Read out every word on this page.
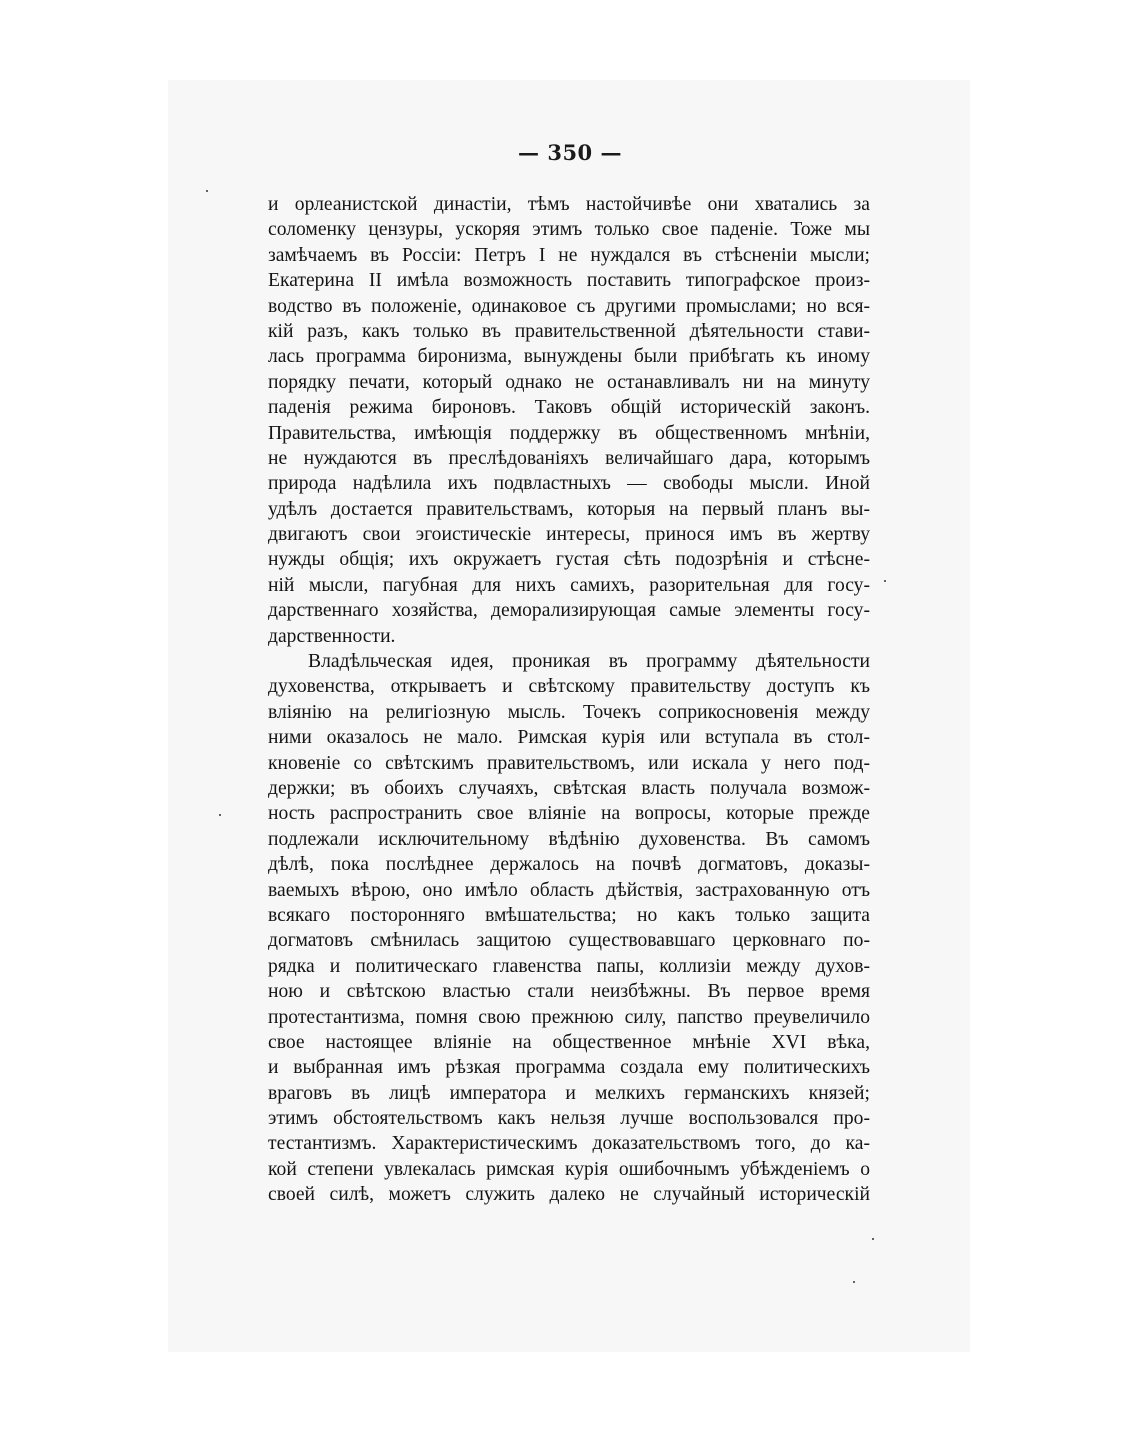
— 350 —
и орлеанистской династіи, тѣмъ настойчивѣе они хватались за
соломенку цензуры, ускоряя этимъ только свое паденіе. Тоже мы
замѣчаемъ въ Россіи: Петръ I не нуждался въ стѣсненіи мысли;
Екатерина II имѣла возможность поставить типографское произ-
водство въ положеніе, одинаковое съ другими промыслами; но вся-
кій разъ, какъ только въ правительственной дѣятельности стави-
лась программа биронизма, вынуждены были прибѣгать къ иному
порядку печати, который однако не останавливалъ ни на минуту
паденія режима бироновъ. Таковъ общій историческій законъ.
Правительства, имѣющія поддержку въ общественномъ мнѣніи,
не нуждаются въ преслѣдованіяхъ величайшаго дара, которымъ
природа надѣлила ихъ подвластныхъ — свободы мысли. Иной
удѣлъ достается правительствамъ, которыя на первый планъ вы-
двигаютъ свои эгоистическіе интересы, принося имъ въ жертву
нужды общія; ихъ окружаетъ густая сѣть подозрѣнія и стѣсне-
ній мысли, пагубная для нихъ самихъ, разорительная для госу-
дарственнаго хозяйства, деморализирующая самые элементы госу-
дарственности.
Владѣльческая идея, проникая въ программу дѣятельности
духовенства, открываетъ и свѣтскому правительству доступъ къ
вліянію на религіозную мысль. Точекъ соприкосновенія между
ними оказалось не мало. Римская курія или вступала въ стол-
кновеніе со свѣтскимъ правительствомъ, или искала у него под-
держки; въ обоихъ случаяхъ, свѣтская власть получала возмож-
ность распространить свое вліяніе на вопросы, которые прежде
подлежали исключительному вѣдѣнію духовенства. Въ самомъ
дѣлѣ, пока послѣднее держалось на почвѣ догматовъ, доказы-
ваемыхъ вѣрою, оно имѣло область дѣйствія, застрахованную отъ
всякаго посторонняго вмѣшательства; но какъ только защита
догматовъ смѣнилась защитою существовавшаго церковнаго по-
рядка и политическаго главенства папы, коллизіи между духов-
ною и свѣтскою властью стали неизбѣжны. Въ первое время
протестантизма, помня свою прежнюю силу, папство преувеличило
свое настоящее вліяніе на общественное мнѣніе XVI вѣка,
и выбранная имъ рѣзкая программа создала ему политическихъ
враговъ въ лицѣ императора и мелкихъ германскихъ князей;
этимъ обстоятельствомъ какъ нельзя лучше воспользовался про-
тестантизмъ. Характеристическимъ доказательствомъ того, до ка-
кой степени увлекалась римская курія ошибочнымъ убѣжденіемъ о
своей силѣ, можетъ служить далеко не случайный историческій
